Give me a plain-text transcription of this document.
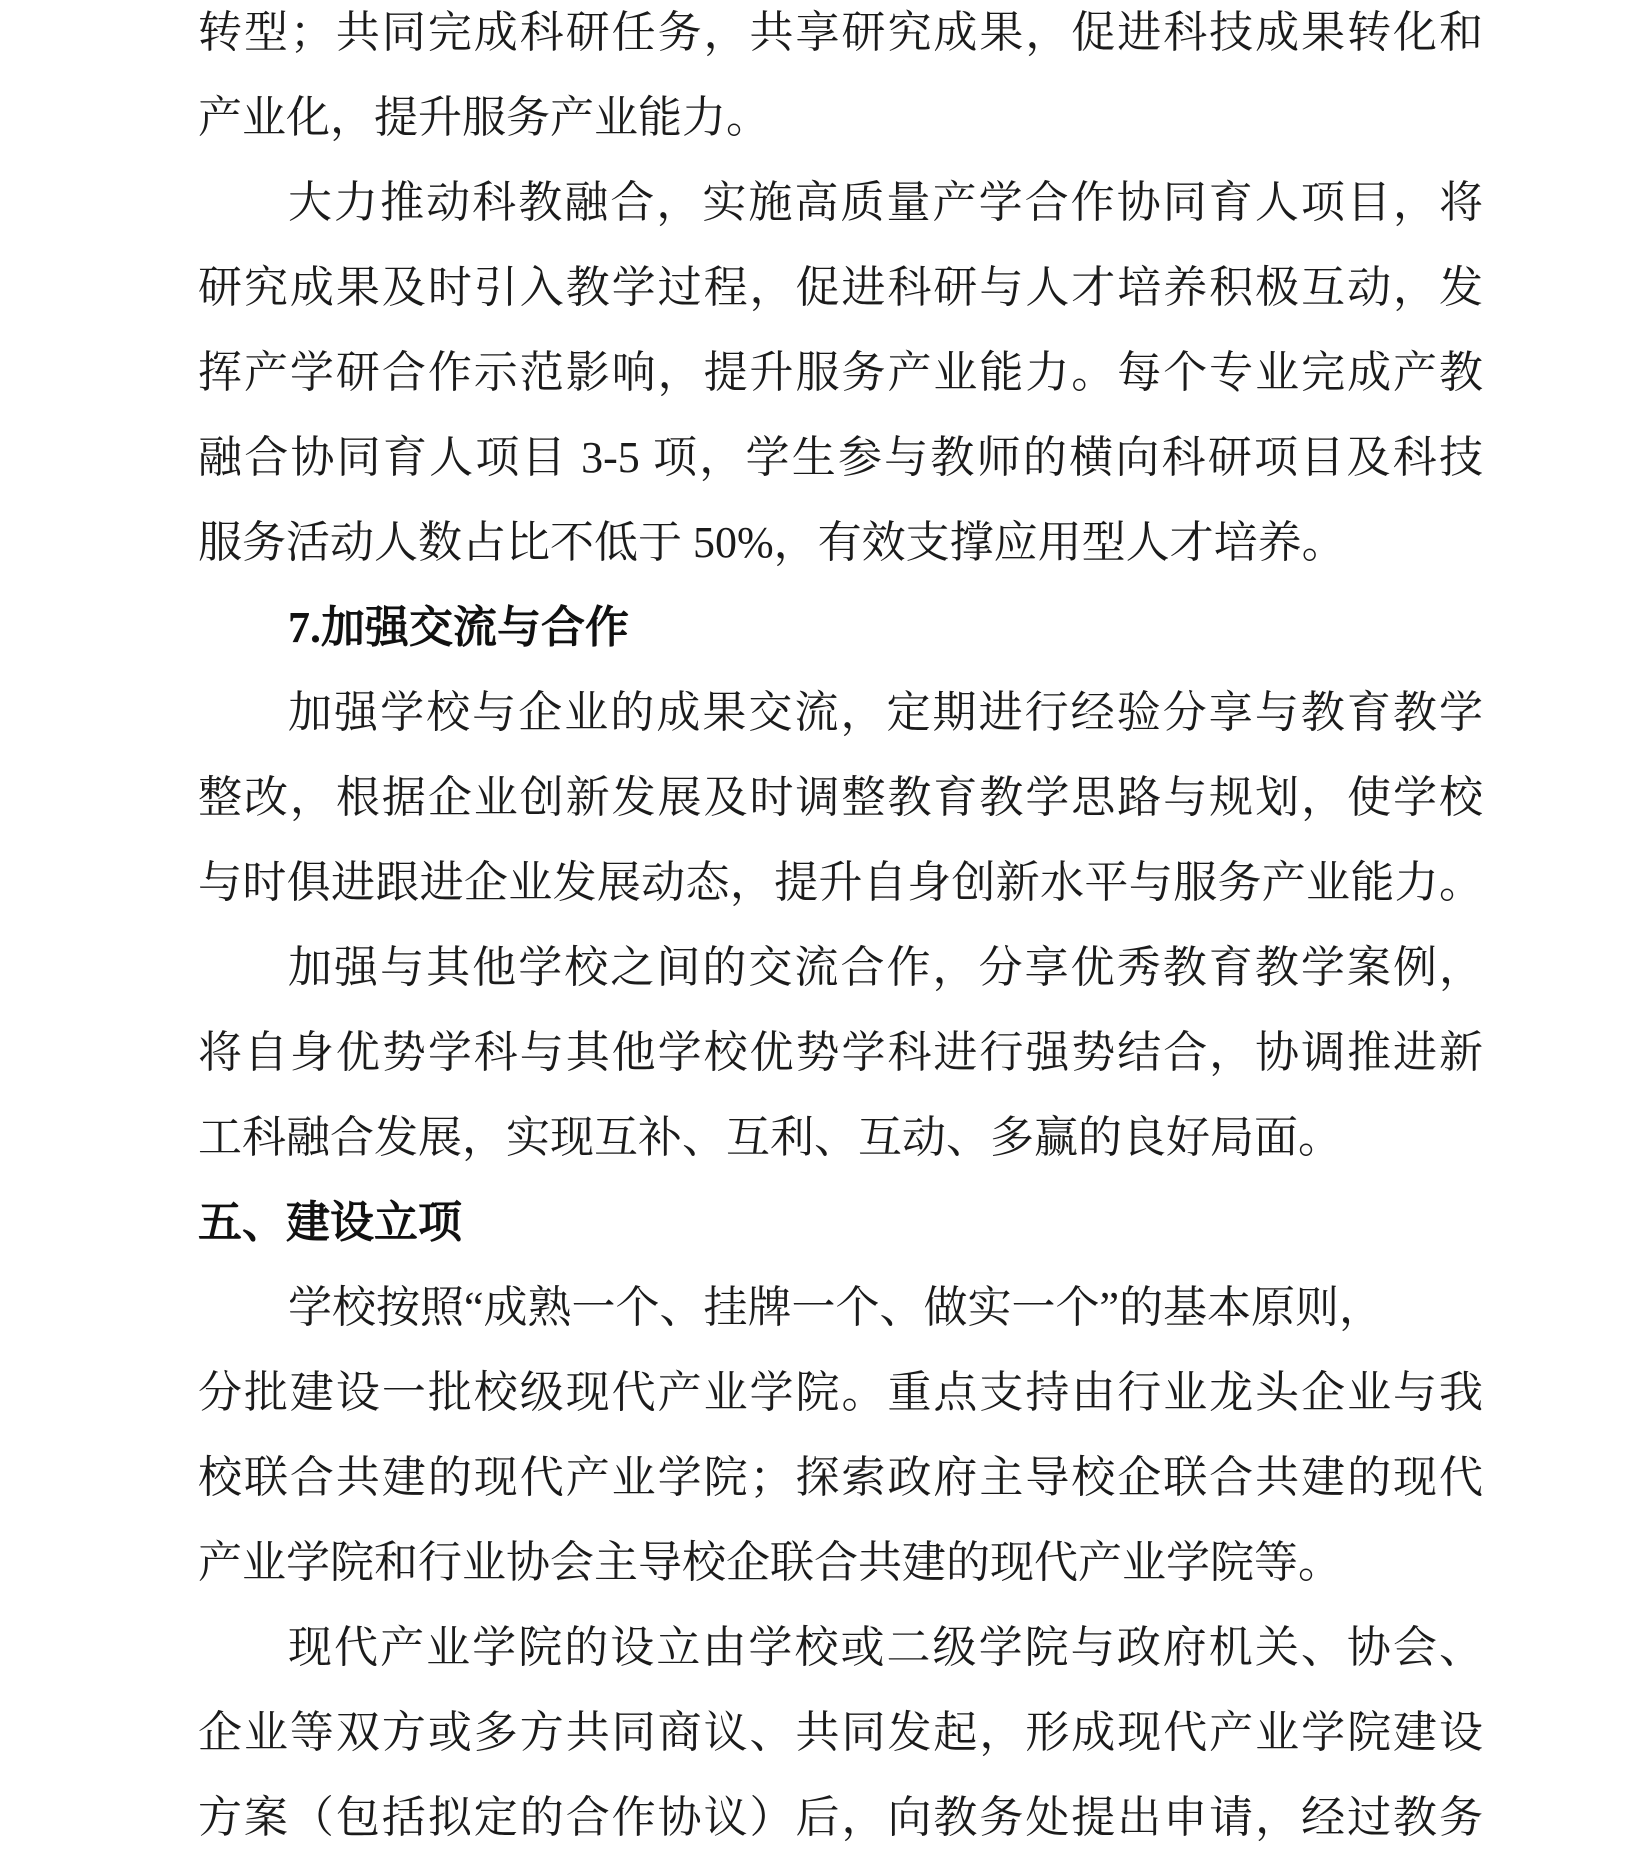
转型；共同完成科研任务，共享研究成果，促进科技成果转化和
产业化，提升服务产业能力。
大力推动科教融合，实施高质量产学合作协同育人项目，将
研究成果及时引入教学过程，促进科研与人才培养积极互动，发
挥产学研合作示范影响，提升服务产业能力。每个专业完成产教
融合协同育人项目 3-5 项，学生参与教师的横向科研项目及科技
服务活动人数占比不低于 50%，有效支撑应用型人才培养。
7.加强交流与合作
加强学校与企业的成果交流，定期进行经验分享与教育教学
整改，根据企业创新发展及时调整教育教学思路与规划，使学校
与时俱进跟进企业发展动态，提升自身创新水平与服务产业能力。
加强与其他学校之间的交流合作，分享优秀教育教学案例，
将自身优势学科与其他学校优势学科进行强势结合，协调推进新
工科融合发展，实现互补、互利、互动、多赢的良好局面。
五、建设立项
学校按照“成熟一个、挂牌一个、做实一个”的基本原则，
分批建设一批校级现代产业学院。重点支持由行业龙头企业与我
校联合共建的现代产业学院；探索政府主导校企联合共建的现代
产业学院和行业协会主导校企联合共建的现代产业学院等。
现代产业学院的设立由学校或二级学院与政府机关、协会、
企业等双方或多方共同商议、共同发起，形成现代产业学院建设
方案（包括拟定的合作协议）后，向教务处提出申请，经过教务
